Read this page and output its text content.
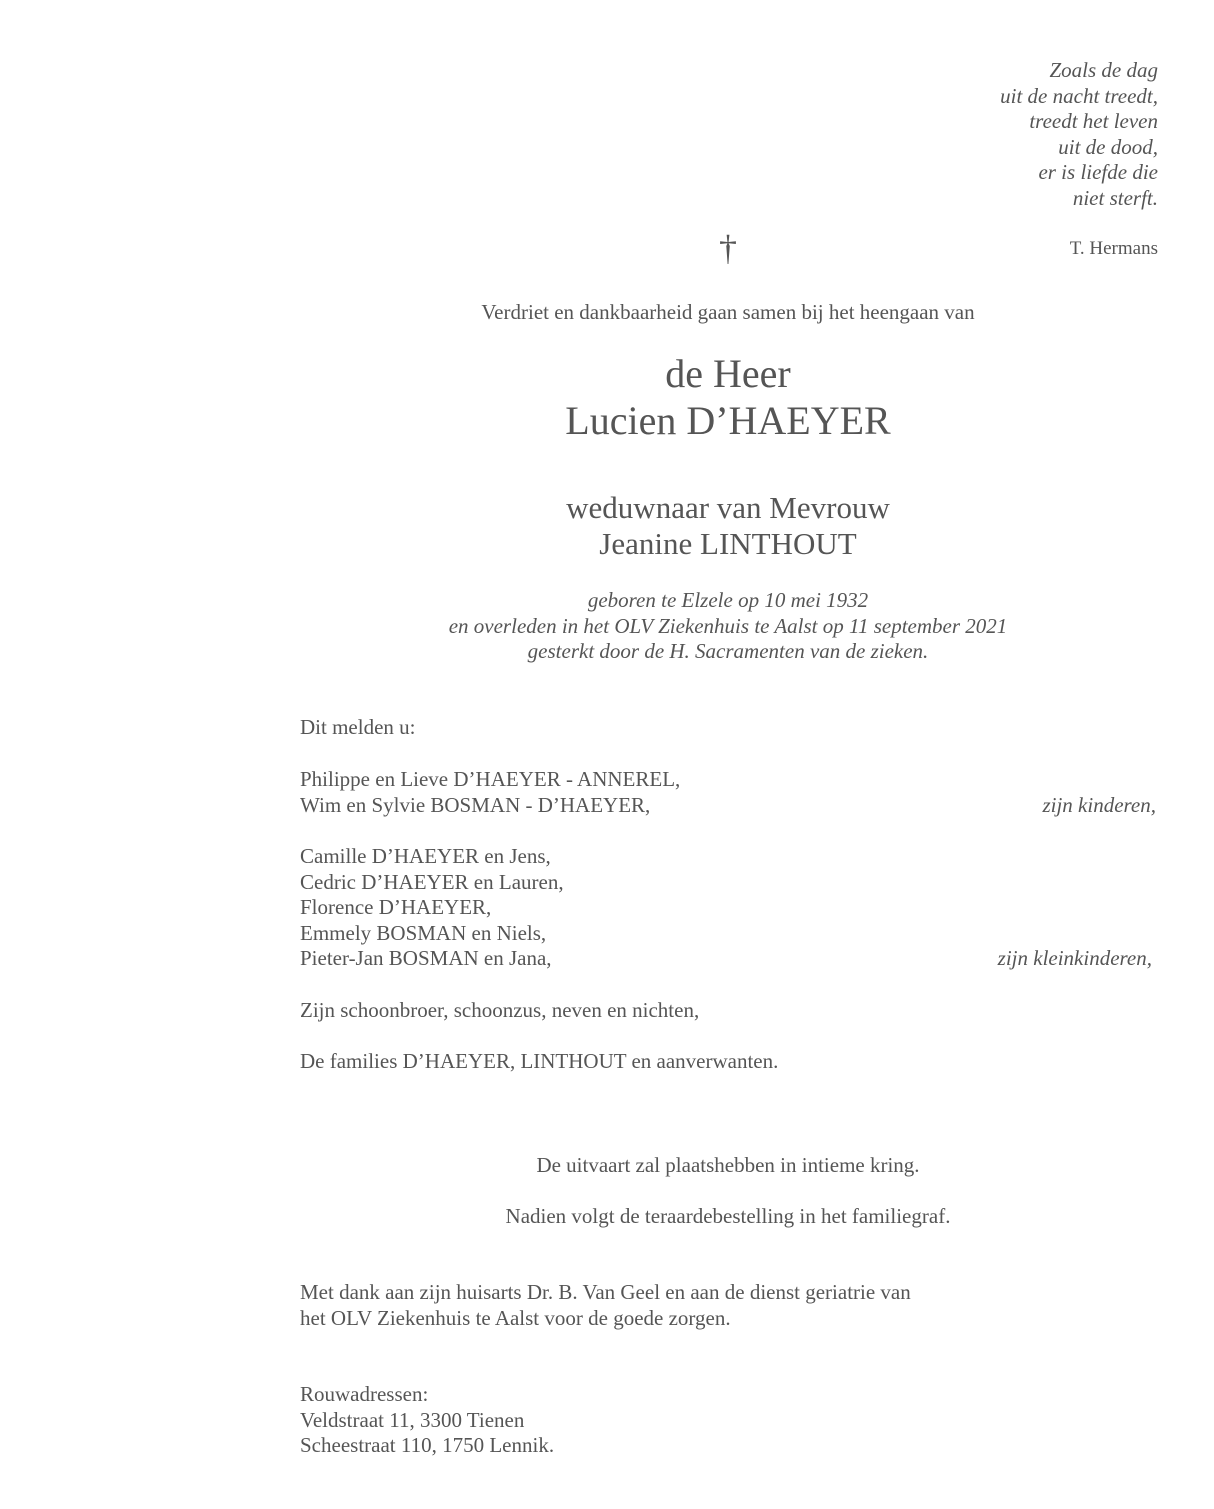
Zoals de dag
uit de nacht treedt,
treedt het leven
uit de dood,
er is liefde die
niet sterft.
T. Hermans
†
Verdriet en dankbaarheid gaan samen bij het heengaan van
de Heer
Lucien D’HAEYER
weduwnaar van Mevrouw
Jeanine LINTHOUT
geboren te Elzele op 10 mei 1932
en overleden in het OLV Ziekenhuis te Aalst op 11 september 2021
gesterkt door de H. Sacramenten van de zieken.
Dit melden u:
Philippe en Lieve D’HAEYER - ANNEREL,
Wim en Sylvie BOSMAN - D’HAEYER,	zijn kinderen,
Camille D’HAEYER en Jens,
Cedric D’HAEYER en Lauren,
Florence D’HAEYER,
Emmely BOSMAN en Niels,
Pieter-Jan BOSMAN en Jana,	zijn kleinkinderen,
Zijn schoonbroer, schoonzus, neven en nichten,
De families D’HAEYER, LINTHOUT en aanverwanten.
De uitvaart zal plaatshebben in intieme kring.
Nadien volgt de teraardebestelling in het familiegraf.
Met dank aan zijn huisarts Dr. B. Van Geel en aan de dienst geriatrie van
het OLV Ziekenhuis te Aalst voor de goede zorgen.
Rouwadressen:
Veldstraat 11, 3300 Tienen
Scheestraat 110, 1750 Lennik.
